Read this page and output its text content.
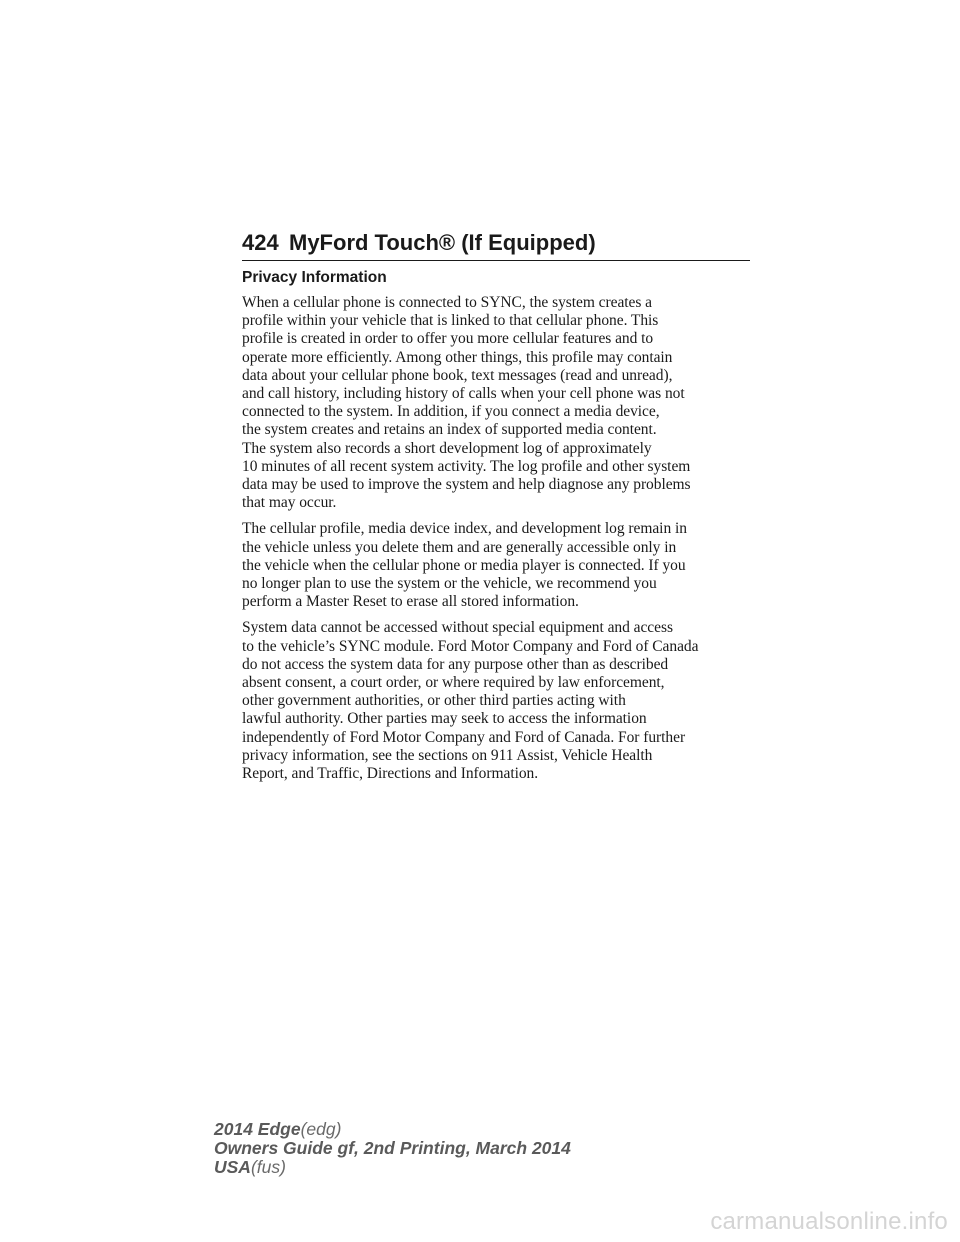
424 MyFord Touch® (If Equipped)
Privacy Information

When a cellular phone is connected to SYNC, the system creates a
profile within your vehicle that is linked to that cellular phone. This
profile is created in order to offer you more cellular features and to
operate more efficiently. Among other things, this profile may contain
data about your cellular phone book, text messages (read and unread),
and call history, including history of calls when your cell phone was not
connected to the system. In addition, if you connect a media device,
the system creates and retains an index of supported media content.
The system also records a short development log of approximately
10 minutes of all recent system activity. The log profile and other system
data may be used to improve the system and help diagnose any problems
that may occur.

The cellular profile, media device index, and development log remain in
the vehicle unless you delete them and are generally accessible only in
the vehicle when the cellular phone or media player is connected. If you
no longer plan to use the system or the vehicle, we recommend you
perform a Master Reset to erase all stored information.

System data cannot be accessed without special equipment and access
to the vehicle’s SYNC module. Ford Motor Company and Ford of Canada
do not access the system data for any purpose other than as described
absent consent, a court order, or where required by law enforcement,
other government authorities, or other third parties acting with
lawful authority. Other parties may seek to access the information
independently of Ford Motor Company and Ford of Canada. For further
privacy information, see the sections on 911 Assist, Vehicle Health
Report, and Traffic, Directions and Information.

2014 Edge(edg)
Owners Guide gf, 2nd Printing, March 2014
USA(fus)
carmanualsonline.info
